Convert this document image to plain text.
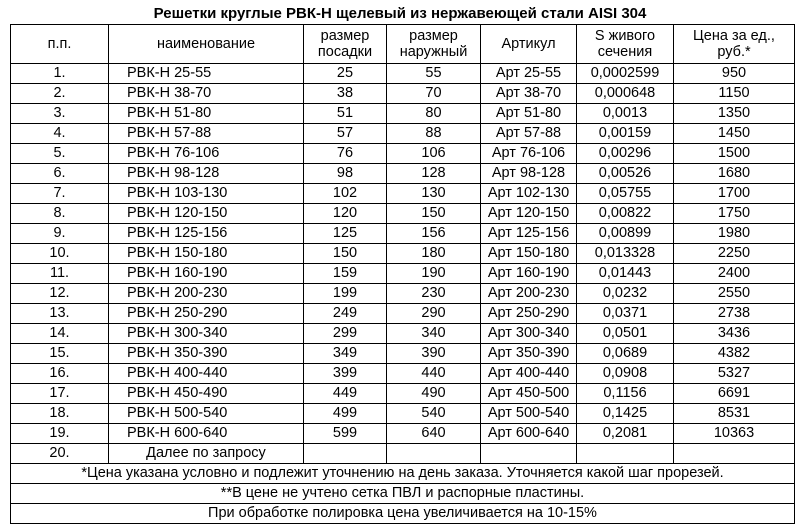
Решетки круглые РВК-Н щелевый из нержавеющей стали AISI 304
п.п.	наименование	размер посадки	размер наружный	Артикул	S живого сечения	Цена за ед., руб.*
1.	РВК-Н 25-55	25	55	Арт 25-55	0,0002599	950
2.	РВК-Н 38-70	38	70	Арт 38-70	0,000648	1150
3.	РВК-Н 51-80	51	80	Арт 51-80	0,0013	1350
4.	РВК-Н 57-88	57	88	Арт 57-88	0,00159	1450
5.	РВК-Н 76-106	76	106	Арт 76-106	0,00296	1500
6.	РВК-Н 98-128	98	128	Арт 98-128	0,00526	1680
7.	РВК-Н 103-130	102	130	Арт 102-130	0,05755	1700
8.	РВК-Н 120-150	120	150	Арт 120-150	0,00822	1750
9.	РВК-Н 125-156	125	156	Арт 125-156	0,00899	1980
10.	РВК-Н 150-180	150	180	Арт 150-180	0,013328	2250
11.	РВК-Н 160-190	159	190	Арт 160-190	0,01443	2400
12.	РВК-Н 200-230	199	230	Арт 200-230	0,0232	2550
13.	РВК-Н 250-290	249	290	Арт 250-290	0,0371	2738
14.	РВК-Н 300-340	299	340	Арт 300-340	0,0501	3436
15.	РВК-Н 350-390	349	390	Арт 350-390	0,0689	4382
16.	РВК-Н 400-440	399	440	Арт 400-440	0,0908	5327
17.	РВК-Н 450-490	449	490	Арт 450-500	0,1156	6691
18.	РВК-Н 500-540	499	540	Арт 500-540	0,1425	8531
19.	РВК-Н 600-640	599	640	Арт 600-640	0,2081	10363
20.	Далее по запросу					
*Цена указана условно и подлежит уточнению на день заказа. Уточняется какой шаг прорезей.						
**В цене не учтено сетка ПВЛ и распорные пластины.						
При обработке полировка цена увеличивается на 10-15%						
